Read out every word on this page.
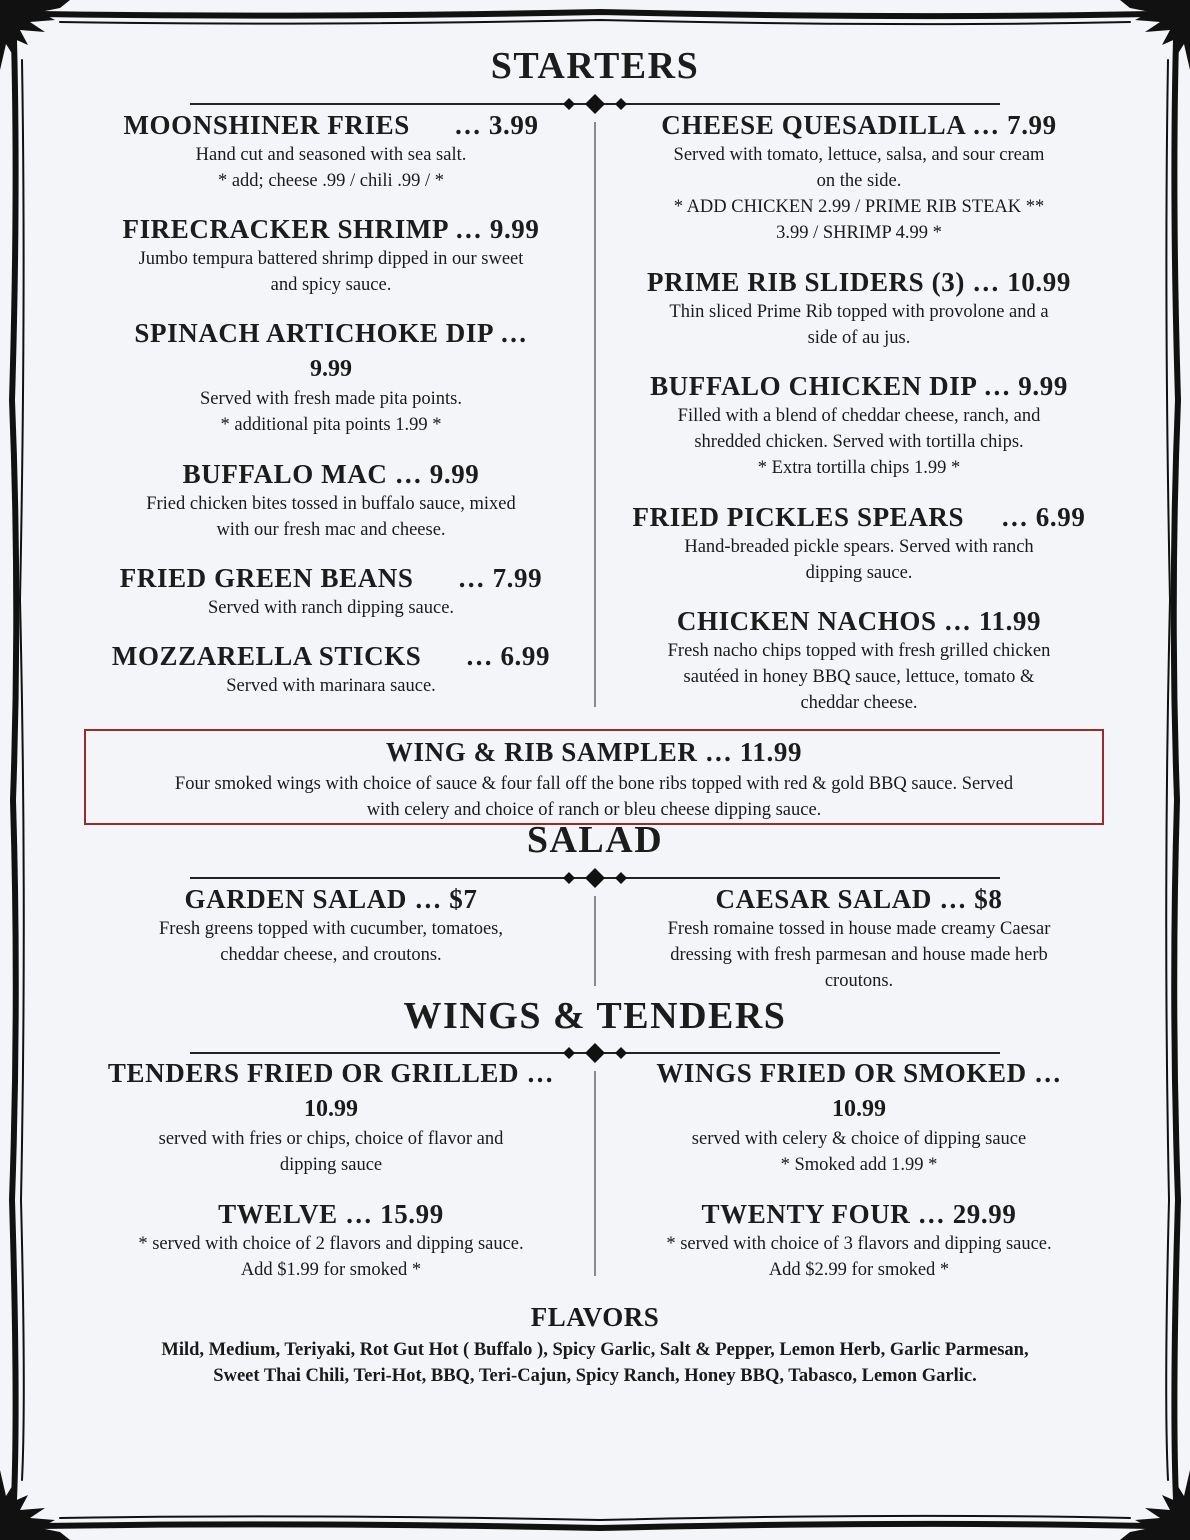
STARTERS
MOONSHINER FRIES      … 3.99
Hand cut and seasoned with sea salt.
* add; cheese .99 / chili .99 / *
FIRECRACKER SHRIMP … 9.99
Jumbo tempura battered shrimp dipped in our sweet
and spicy sauce.
SPINACH ARTICHOKE DIP …
9.99
Served with fresh made pita points.
* additional pita points 1.99 *
BUFFALO MAC … 9.99
Fried chicken bites tossed in buffalo sauce, mixed
with our fresh mac and cheese.
FRIED GREEN BEANS      … 7.99
Served with ranch dipping sauce.
MOZZARELLA STICKS      … 6.99
Served with marinara sauce.
CHEESE QUESADILLA … 7.99
Served with tomato, lettuce, salsa, and sour cream
on the side.
* ADD CHICKEN 2.99 / PRIME RIB STEAK **
3.99 / SHRIMP 4.99 *
PRIME RIB SLIDERS (3) … 10.99
Thin sliced Prime Rib topped with provolone and a
side of au jus.
BUFFALO CHICKEN DIP … 9.99
Filled with a blend of cheddar cheese, ranch, and
shredded chicken. Served with tortilla chips.
* Extra tortilla chips 1.99 *
FRIED PICKLES SPEARS     … 6.99
Hand-breaded pickle spears. Served with ranch
dipping sauce.
CHICKEN NACHOS … 11.99
Fresh nacho chips topped with fresh grilled chicken
sautéed in honey BBQ sauce, lettuce, tomato &
cheddar cheese.
WING & RIB SAMPLER … 11.99
Four smoked wings with choice of sauce & four fall off the bone ribs topped with red & gold BBQ sauce. Served
with celery and choice of ranch or bleu cheese dipping sauce.
SALAD
GARDEN SALAD … $7
Fresh greens topped with cucumber, tomatoes,
cheddar cheese, and croutons.
CAESAR SALAD … $8
Fresh romaine tossed in house made creamy Caesar
dressing with fresh parmesan and house made herb
croutons.
WINGS & TENDERS
TENDERS FRIED OR GRILLED …
10.99
served with fries or chips, choice of flavor and
dipping sauce
TWELVE … 15.99
* served with choice of 2 flavors and dipping sauce.
Add $1.99 for smoked *
WINGS FRIED OR SMOKED …
10.99
served with celery & choice of dipping sauce
* Smoked add 1.99 *
TWENTY FOUR … 29.99
* served with choice of 3 flavors and dipping sauce.
Add $2.99 for smoked *
FLAVORS
Mild, Medium, Teriyaki, Rot Gut Hot ( Buffalo ), Spicy Garlic, Salt & Pepper, Lemon Herb, Garlic Parmesan,
Sweet Thai Chili, Teri-Hot, BBQ, Teri-Cajun, Spicy Ranch, Honey BBQ, Tabasco, Lemon Garlic.
